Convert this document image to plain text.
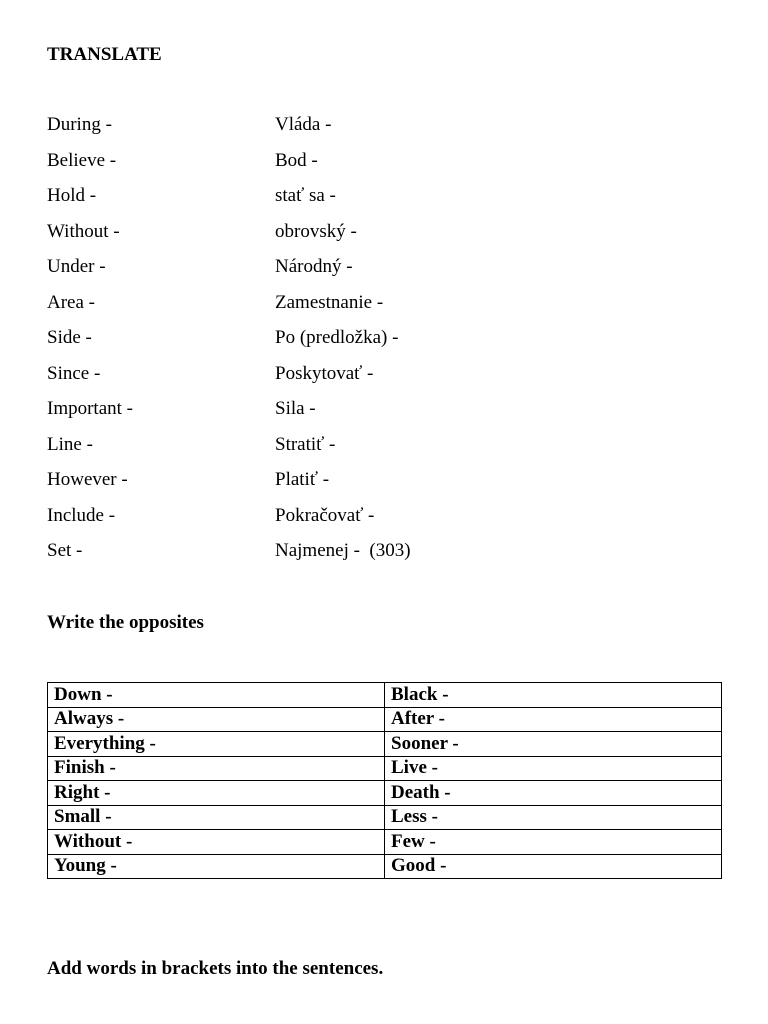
TRANSLATE
During -	Vláda -
Believe -	Bod -
Hold -	stať sa -
Without -	obrovský -
Under -	Národný -
Area -	Zamestnanie -
Side -	Po (predložka) -
Since -	Poskytovať -
Important -	Sila -
Line -	Stratiť -
However -	Platiť -
Include -	Pokračovať -
Set -	Najmenej -  (303)
Write the opposites
Down -	Black -
Always -	After -
Everything -	Sooner -
Finish -	Live -
Right -	Death -
Small -	Less -
Without -	Few -
Young -	Good -
Add words in brackets into the sentences.
